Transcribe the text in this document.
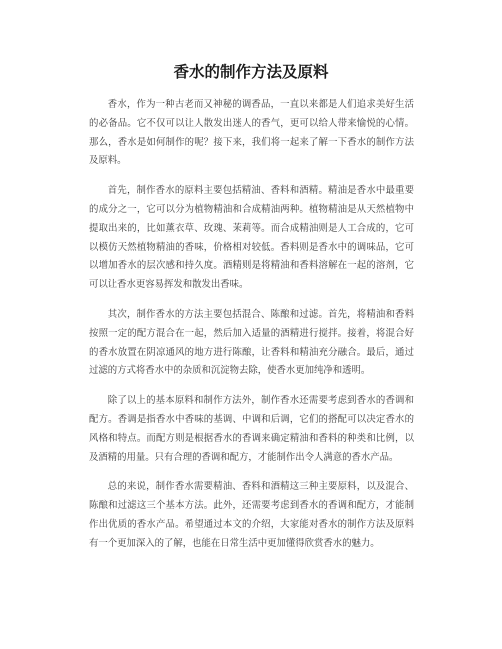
香水的制作方法及原料

香水，作为一种古老而又神秘的调香品，一直以来都是人们追求美好生活的必备品。它不仅可以让人散发出迷人的香气，更可以给人带来愉悦的心情。那么，香水是如何制作的呢？接下来，我们将一起来了解一下香水的制作方法及原料。

首先，制作香水的原料主要包括精油、香料和酒精。精油是香水中最重要的成分之一，它可以分为植物精油和合成精油两种。植物精油是从天然植物中提取出来的，比如薰衣草、玫瑰、茉莉等。而合成精油则是人工合成的，它可以模仿天然植物精油的香味，价格相对较低。香料则是香水中的调味品，它可以增加香水的层次感和持久度。酒精则是将精油和香料溶解在一起的溶剂，它可以让香水更容易挥发和散发出香味。

其次，制作香水的方法主要包括混合、陈酿和过滤。首先，将精油和香料按照一定的配方混合在一起，然后加入适量的酒精进行搅拌。接着，将混合好的香水放置在阴凉通风的地方进行陈酿，让香料和精油充分融合。最后，通过过滤的方式将香水中的杂质和沉淀物去除，使香水更加纯净和透明。

除了以上的基本原料和制作方法外，制作香水还需要考虑到香水的香调和配方。香调是指香水中香味的基调、中调和后调，它们的搭配可以决定香水的风格和特点。而配方则是根据香水的香调来确定精油和香料的种类和比例，以及酒精的用量。只有合理的香调和配方，才能制作出令人满意的香水产品。

总的来说，制作香水需要精油、香料和酒精这三种主要原料，以及混合、陈酿和过滤这三个基本方法。此外，还需要考虑到香水的香调和配方，才能制作出优质的香水产品。希望通过本文的介绍，大家能对香水的制作方法及原料有一个更加深入的了解，也能在日常生活中更加懂得欣赏香水的魅力。
